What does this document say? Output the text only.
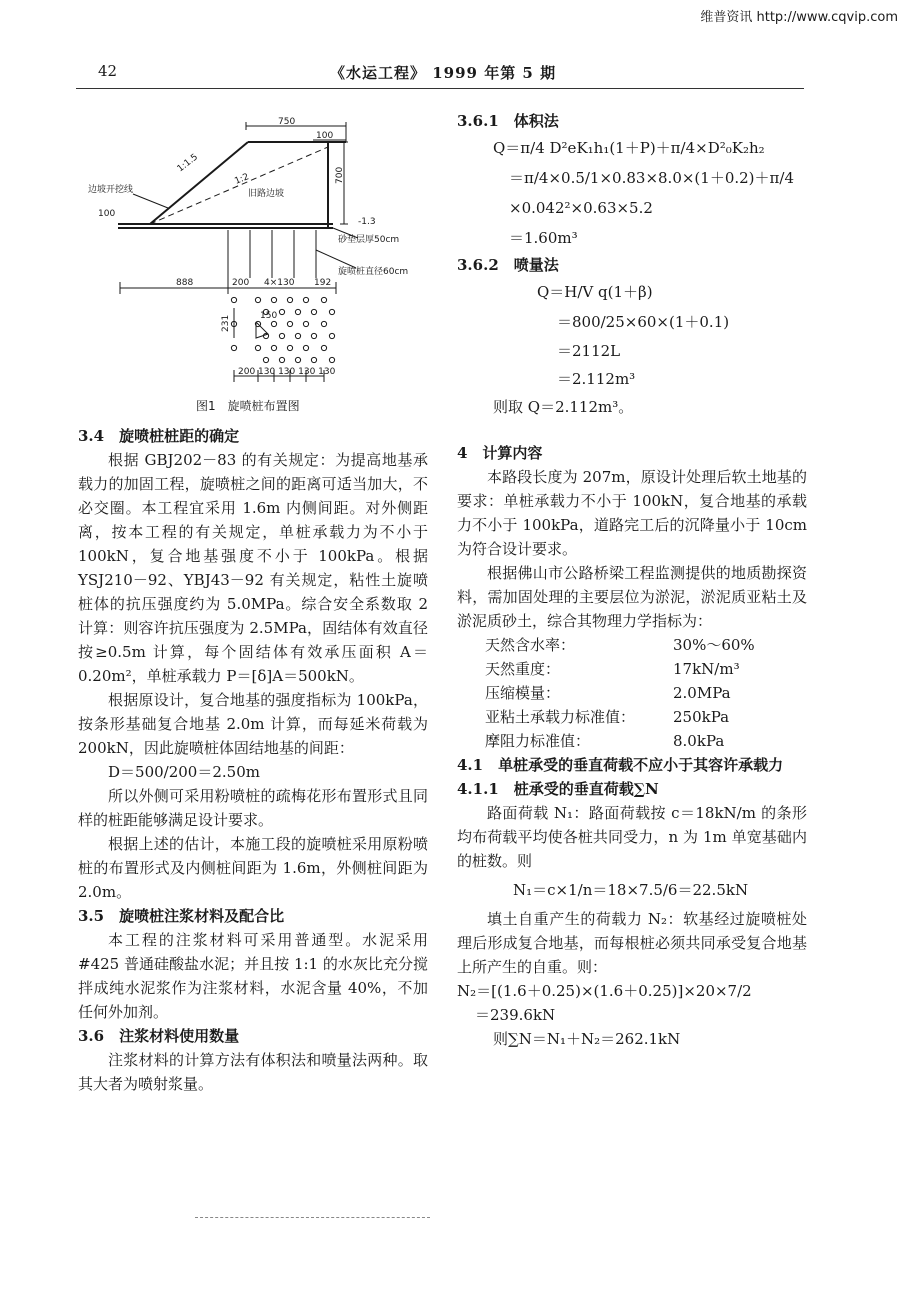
维普资讯 http://www.cqvip.com
42	《水运工程》 1999 年第 5 期
750
100
1:1.5
1:2
旧路边坡
700
边坡开挖线
100
-1.3
砂垫层厚50cm
旋喷桩直径60cm
888	200 4×130 192
231	150
200 130 130 130 130
图1　旋喷桩布置图
3.4　旋喷桩桩距的确定
根据 GBJ202－83 的有关规定：为提高地基承载力的加固工程，旋喷桩之间的距离可适当加大，不必交圈。本工程宜采用 1.6m 内侧间距。对外侧距离，按本工程的有关规定，单桩承载力为不小于 100kN，复合地基强度不小于 100kPa。根据 YSJ210－92、YBJ43－92 有关规定，粘性土旋喷桩体的抗压强度约为 5.0MPa。综合安全系数取 2 计算：则容许抗压强度为 2.5MPa，固结体有效直径按≥0.5m 计算，每个固结体有效承压面积 A＝0.20m²，单桩承载力 P＝[δ]A＝500kN。
根据原设计，复合地基的强度指标为 100kPa，按条形基础复合地基 2.0m 计算，而每延米荷载为 200kN，因此旋喷桩体固结地基的间距：
D＝500/200＝2.50m
所以外侧可采用粉喷桩的疏梅花形布置形式且同样的桩距能够满足设计要求。
根据上述的估计，本施工段的旋喷桩采用原粉喷桩的布置形式及内侧桩间距为 1.6m，外侧桩间距为 2.0m。
3.5　旋喷桩注浆材料及配合比
本工程的注浆材料可采用普通型。水泥采用 #425 普通硅酸盐水泥；并且按 1:1 的水灰比充分搅拌成纯水泥浆作为注浆材料，水泥含量 40%，不加任何外加剂。
3.6　注浆材料使用数量
注浆材料的计算方法有体积法和喷量法两种。取其大者为喷射浆量。
3.6.1　体积法
Q＝π/4 D²eK₁h₁(1＋P)＋π/4×D²₀K₂h₂
＝π/4×0.5/1×0.83×8.0×(1＋0.2)＋π/4
×0.042²×0.63×5.2
＝1.60m³
3.6.2　喷量法
Q＝H/V q(1＋β)
＝800/25×60×(1＋0.1)
＝2112L
＝2.112m³
则取 Q＝2.112m³。
4　计算内容
本路段长度为 207m，原设计处理后软土地基的要求：单桩承载力不小于 100kN，复合地基的承载力不小于 100kPa，道路完工后的沉降量小于 10cm 为符合设计要求。
根据佛山市公路桥梁工程监测提供的地质勘探资料，需加固处理的主要层位为淤泥，淤泥质亚粘土及淤泥质砂土，综合其物理力学指标为：
天然含水率：	30%～60%
天然重度：	17kN/m³
压缩模量：	2.0MPa
亚粘土承载力标准值：	250kPa
摩阻力标准值：	8.0kPa
4.1　单桩承受的垂直荷载不应小于其容许承载力
4.1.1　桩承受的垂直荷载∑N
路面荷载 N₁：路面荷载按 c＝18kN/m 的条形均布荷载平均使各桩共同受力，n 为 1m 单宽基础内的桩数。则
N₁＝c×1/n＝18×7.5/6＝22.5kN
填土自重产生的荷载力 N₂：软基经过旋喷桩处理后形成复合地基，而每根桩必须共同承受复合地基上所产生的自重。则：
N₂＝[(1.6＋0.25)×(1.6＋0.25)]×20×7/2
＝239.6kN
则∑N＝N₁＋N₂＝262.1kN
